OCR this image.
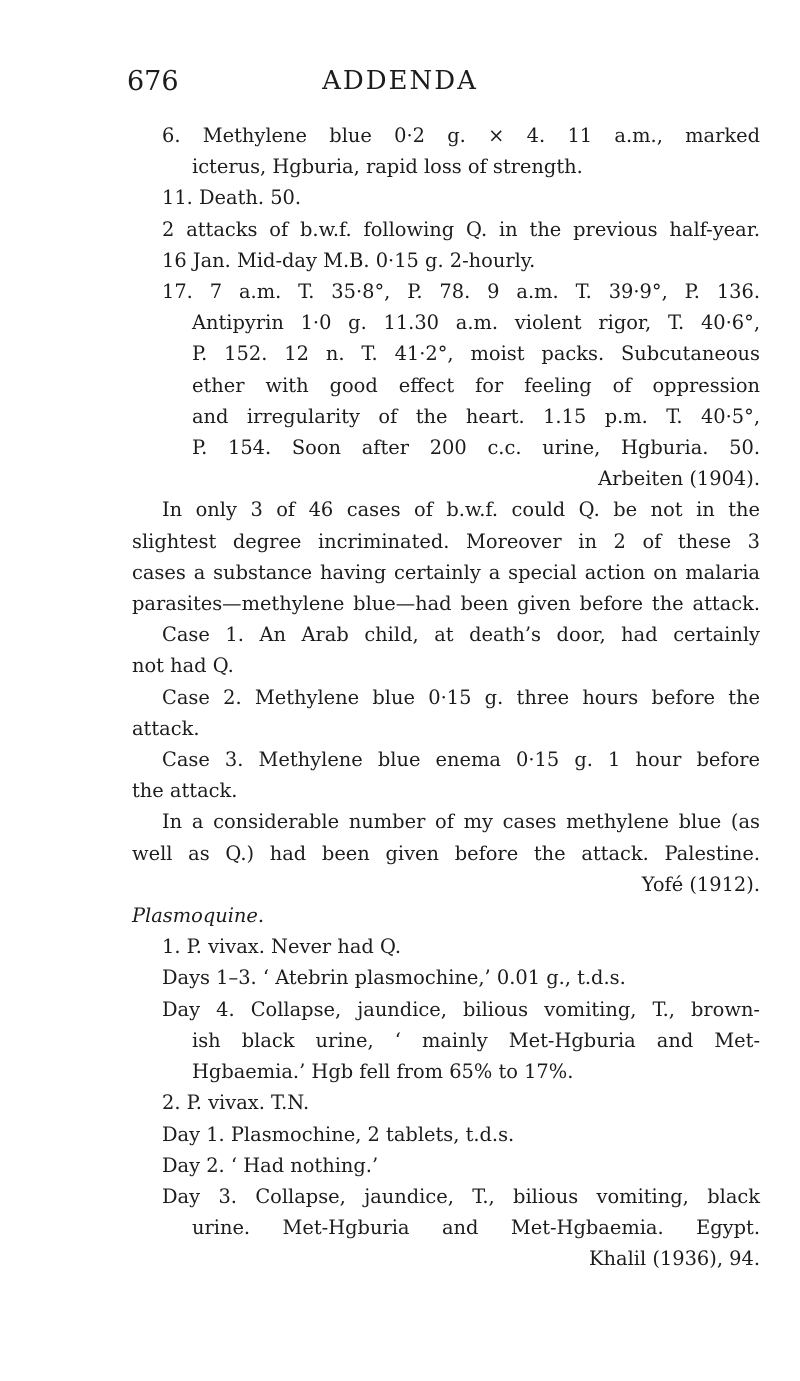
676	ADDENDA
6. Methylene blue 0·2 g. × 4. 11 a.m., marked
icterus, Hgburia, rapid loss of strength.
11. Death. 50.
2 attacks of b.w.f. following Q. in the previous half-year.
16 Jan. Mid-day M.B. 0·15 g. 2-hourly.
17. 7 a.m. T. 35·8°, P. 78. 9 a.m. T. 39·9°, P. 136.
Antipyrin 1·0 g. 11.30 a.m. violent rigor, T. 40·6°,
P. 152. 12 n. T. 41·2°, moist packs. Subcutaneous
ether with good effect for feeling of oppression
and irregularity of the heart. 1.15 p.m. T. 40·5°,
P. 154. Soon after 200 c.c. urine, Hgburia. 50.
Arbeiten (1904).
In only 3 of 46 cases of b.w.f. could Q. be not in the
slightest degree incriminated. Moreover in 2 of these 3
cases a substance having certainly a special action on malaria
parasites—methylene blue—had been given before the attack.
Case 1. An Arab child, at death’s door, had certainly
not had Q.
Case 2. Methylene blue 0·15 g. three hours before the
attack.
Case 3. Methylene blue enema 0·15 g. 1 hour before
the attack.
In a considerable number of my cases methylene blue (as
well as Q.) had been given before the attack. Palestine.
Yofé (1912).
Plasmoquine.
1. P. vivax. Never had Q.
Days 1–3. ‘ Atebrin plasmochine,’ 0.01 g., t.d.s.
Day 4. Collapse, jaundice, bilious vomiting, T., brown-
ish black urine, ‘ mainly Met-Hgburia and Met-
Hgbaemia.’ Hgb fell from 65% to 17%.
2. P. vivax. T.N.
Day 1. Plasmochine, 2 tablets, t.d.s.
Day 2. ‘ Had nothing.’
Day 3. Collapse, jaundice, T., bilious vomiting, black
urine. Met-Hgburia and Met-Hgbaemia. Egypt.
Khalil (1936), 94.
